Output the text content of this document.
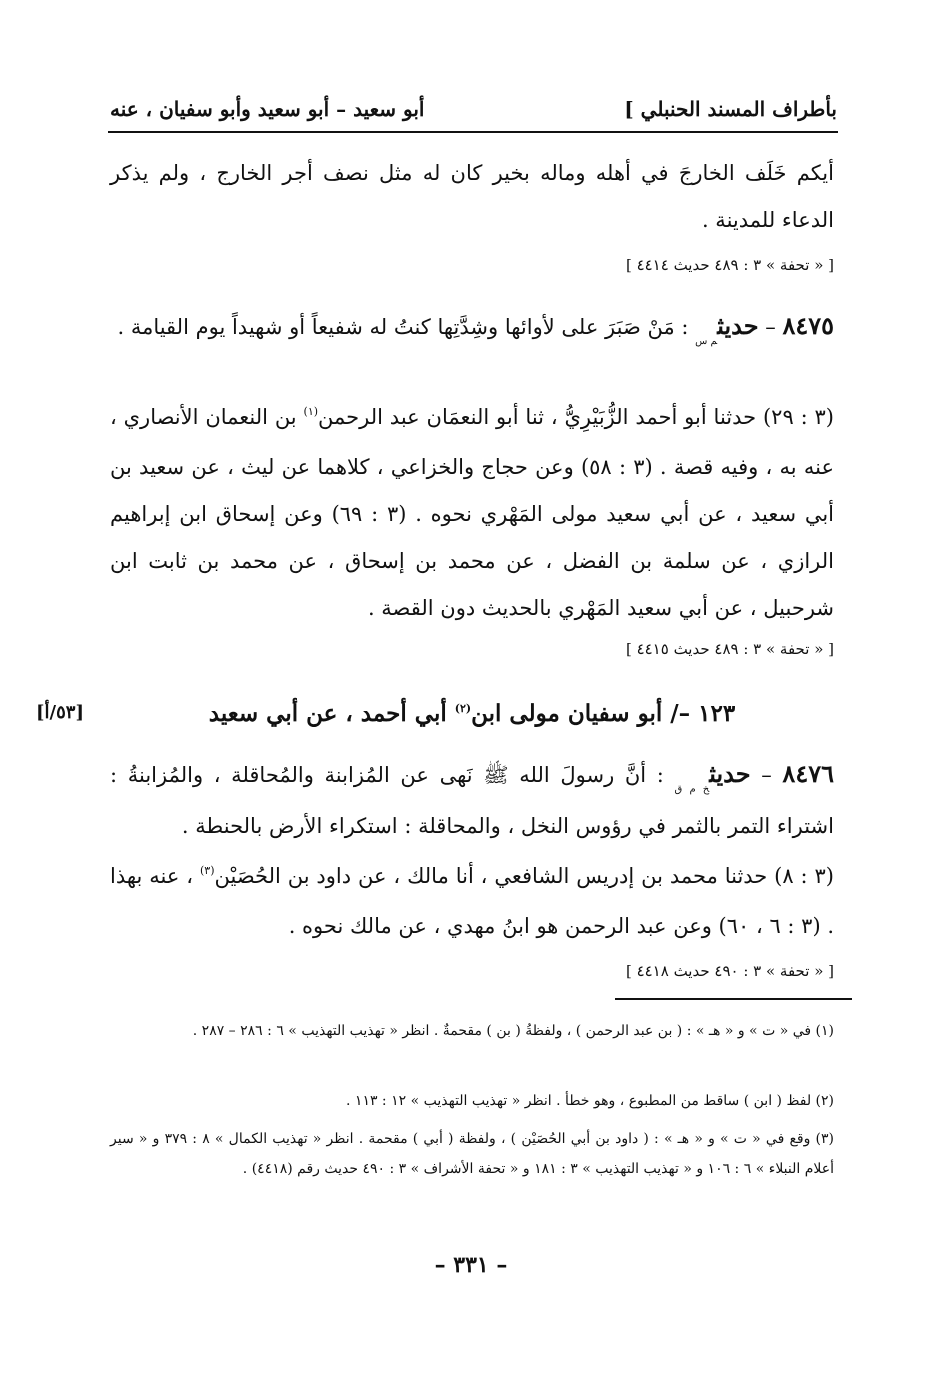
بأطراف المسند الحنبلي ]
أبو سعيد – أبو سعيد وأبو سفيان ، عنه
أيكم خَلَف الخارجَ في أهله وماله بخير كان له مثل نصف أجر الخارج ، ولم يذكر الدعاء للمدينة .
[ « تحفة » ٣ : ٤٨٩ حديث ٤٤١٤ ]
٨٤٧٥ – حديث$_{م س}$ : مَنْ صَبَرَ على لأوائها وشِدَّتِها كنتُ له شفيعاً أو شهيداً يوم القيامة .
(٣ : ٢٩) حدثنا أبو أحمد الزُّبَيْرِيُّ ، ثنا أبو النعمَان عبد الرحمن$^{(١)}$ بن النعمان الأنصاري ، عنه به ، وفيه قصة . (٣ : ٥٨) وعن حجاج والخزاعي ، كلاهما عن ليث ، عن سعيد بن أبي سعيد ، عن أبي سعيد مولى المَهْري نحوه . (٣ : ٦٩) وعن إسحاق ابن إبراهيم الرازي ، عن سلمة بن الفضل ، عن محمد بن إسحاق ، عن محمد بن ثابت ابن شرحبيل ، عن أبي سعيد المَهْري بالحديث دون القصة .
[ « تحفة » ٣ : ٤٨٩ حديث ٤٤١٥ ]
١٢٣ –/ أبو سفيان مولى ابن$^{(٢)}$ أبي أحمد ، عن أبي سعيد
[٥٣/أ]
٨٤٧٦ – حديث$_{خ م ق}$ : أنَّ رسولَ الله ﷺ نَهى عن المُزابنة والمُحاقلة ، والمُزابنةُ : اشتراء التمر بالثمر في رؤوس النخل ، والمحاقلة : استكراء الأرض بالحنطة .
(٣ : ٨) حدثنا محمد بن إدريس الشافعي ، أنا مالك ، عن داود بن الحُصَيْن$^{(٣)}$ ، عنه بهذا . (٣ : ٦ ، ٦٠) وعن عبد الرحمن هو ابنُ مهدي ، عن مالك نحوه .
[ « تحفة » ٣ : ٤٩٠ حديث ٤٤١٨ ]
(١) في « ت » و « هـ » : ( بن عبد الرحمن ) ، ولفظةُ ( بن ) مقحمةٌ . انظر « تهذيب التهذيب » ٦ : ٢٨٦ – ٢٨٧ .
(٢) لفظ ( ابن ) ساقط من المطبوع ، وهو خطأ . انظر « تهذيب التهذيب » ١٢ : ١١٣ .
(٣) وقع في « ت » و « هـ » : ( داود بن أبي الحُصَيْن ) ، ولفظة ( أبي ) مقحمة . انظر « تهذيب الكمال » ٨ : ٣٧٩ و « سير أعلام النبلاء » ٦ : ١٠٦ و « تهذيب التهذيب » ٣ : ١٨١ و « تحفة الأشراف » ٣ : ٤٩٠ حديث رقم (٤٤١٨) .
– ٣٣١ –
